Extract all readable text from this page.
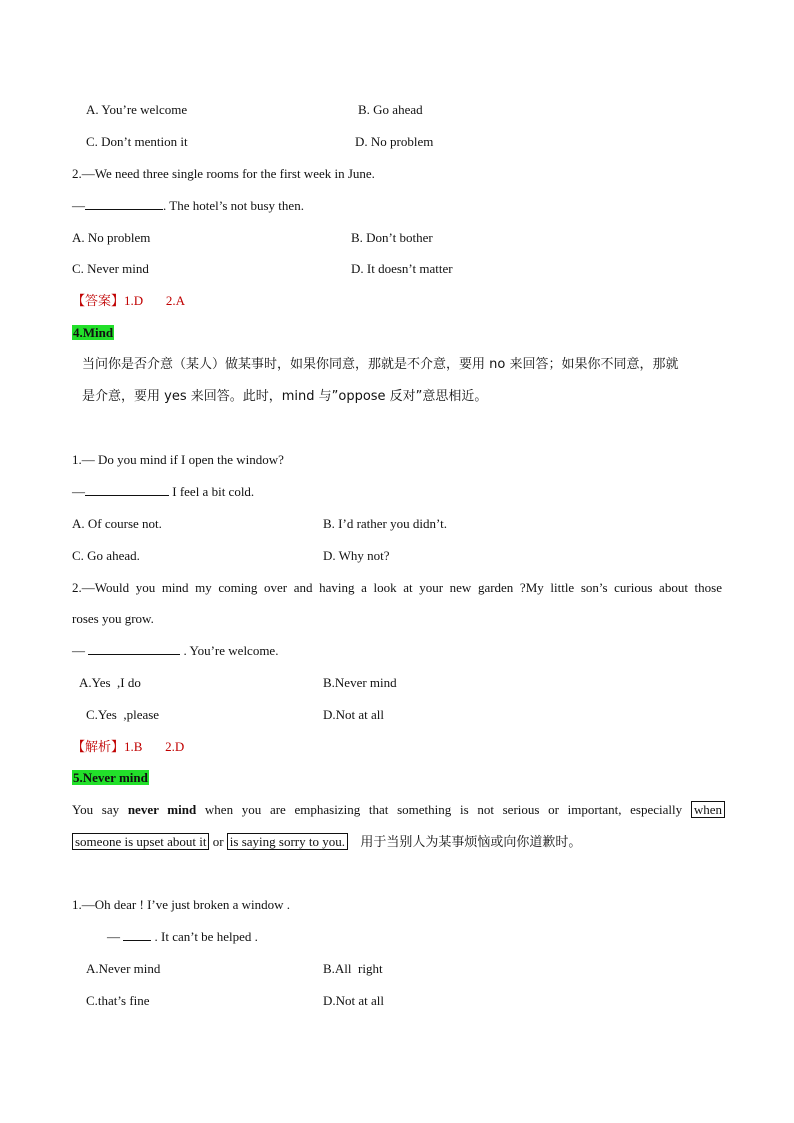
A. You’re welcome	B. Go ahead
C. Don’t mention it	D. No problem
2.—We need three single rooms for the first week in June.
—	. The hotel’s not busy then.
A. No problem	B. Don’t bother
C. Never mind	D. It doesn’t matter
【答案】1.D       2.A
4.Mind
当问你是否介意（某人）做某事时，如果你同意，那就是不介意，要用 no 来回答；如果你不同意，那就
是介意，要用 yes 来回答。此时，mind 与”oppose 反对”意思相近。
1.— Do you mind if I open the window?
—	I feel a bit cold.
A. Of course not.	B. I’d rather you didn’t.
C. Go ahead.	D. Why not?
2.—Would you mind my coming over and having a look at your new garden ?My little son’s curious about those
roses you grow.
—	. You’re welcome.
A.Yes  ,I do	B.Never mind
C.Yes  ,please	D.Not at all
【解析】1.B       2.D
5.Never mind
You say never mind when you are emphasizing that something is not serious or important, especially when
someone is upset about it or is saying sorry to you.   用于当别人为某事烦恼或向你道歉时。
1.—Oh dear ! I’ve just broken a window .
—  . It can’t be helped .
A.Never mind	B.All  right
C.that’s fine	D.Not at all
